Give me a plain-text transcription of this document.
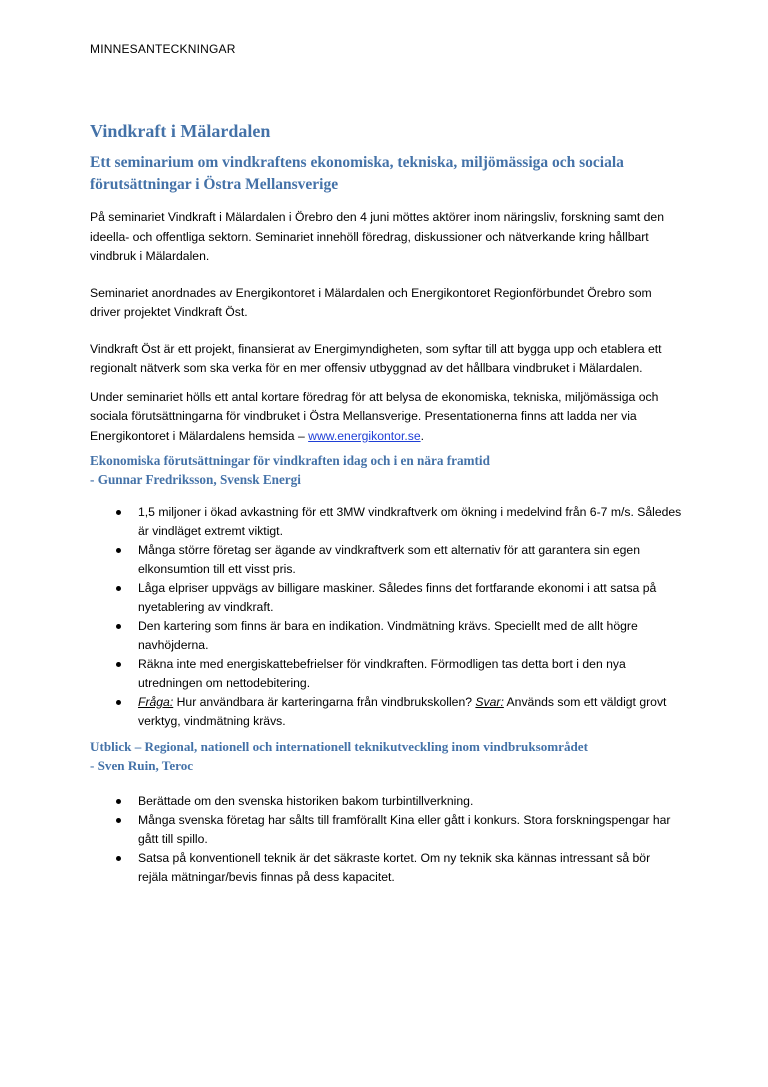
MINNESANTECKNINGAR
Vindkraft i Mälardalen
Ett seminarium om vindkraftens ekonomiska, tekniska, miljömässiga och sociala förutsättningar i Östra Mellansverige

På seminariet Vindkraft i Mälardalen i Örebro den 4 juni möttes aktörer inom näringsliv, forskning samt den ideella- och offentliga sektorn. Seminariet innehöll föredrag, diskussioner och nätverkande kring hållbart vindbruk i Mälardalen.

Seminariet anordnades av Energikontoret i Mälardalen och Energikontoret Regionförbundet Örebro som driver projektet Vindkraft Öst.

Vindkraft Öst är ett projekt, finansierat av Energimyndigheten, som syftar till att bygga upp och etablera ett regionalt nätverk som ska verka för en mer offensiv utbyggnad av det hållbara vindbruket i Mälardalen.

Under seminariet hölls ett antal kortare föredrag för att belysa de ekonomiska, tekniska, miljömässiga och sociala förutsättningarna för vindbruket i Östra Mellansverige. Presentationerna finns att ladda ner via Energikontoret i Mälardalens hemsida – www.energikontor.se.

Ekonomiska förutsättningar för vindkraften idag och i en nära framtid
- Gunnar Fredriksson, Svensk Energi
1,5 miljoner i ökad avkastning för ett 3MW vindkraftverk om ökning i medelvind från 6-7 m/s. Således är vindläget extremt viktigt.
Många större företag ser ägande av vindkraftverk som ett alternativ för att garantera sin egen elkonsumtion till ett visst pris.
Låga elpriser uppvägs av billigare maskiner. Således finns det fortfarande ekonomi i att satsa på nyetablering av vindkraft.
Den kartering som finns är bara en indikation. Vindmätning krävs. Speciellt med de allt högre navhöjderna.
Räkna inte med energiskattebefrielser för vindkraften. Förmodligen tas detta bort i den nya utredningen om nettodebitering.
Fråga: Hur användbara är karteringarna från vindbrukskollen? Svar: Används som ett väldigt grovt verktyg, vindmätning krävs.
Utblick – Regional, nationell och internationell teknikutveckling inom vindbruksområdet
- Sven Ruin, Teroc
Berättade om den svenska historiken bakom turbintillverkning.
Många svenska företag har sålts till framförallt Kina eller gått i konkurs. Stora forskningspengar har gått till spillo.
Satsa på konventionell teknik är det säkraste kortet. Om ny teknik ska kännas intressant så bör rejäla mätningar/bevis finnas på dess kapacitet.
